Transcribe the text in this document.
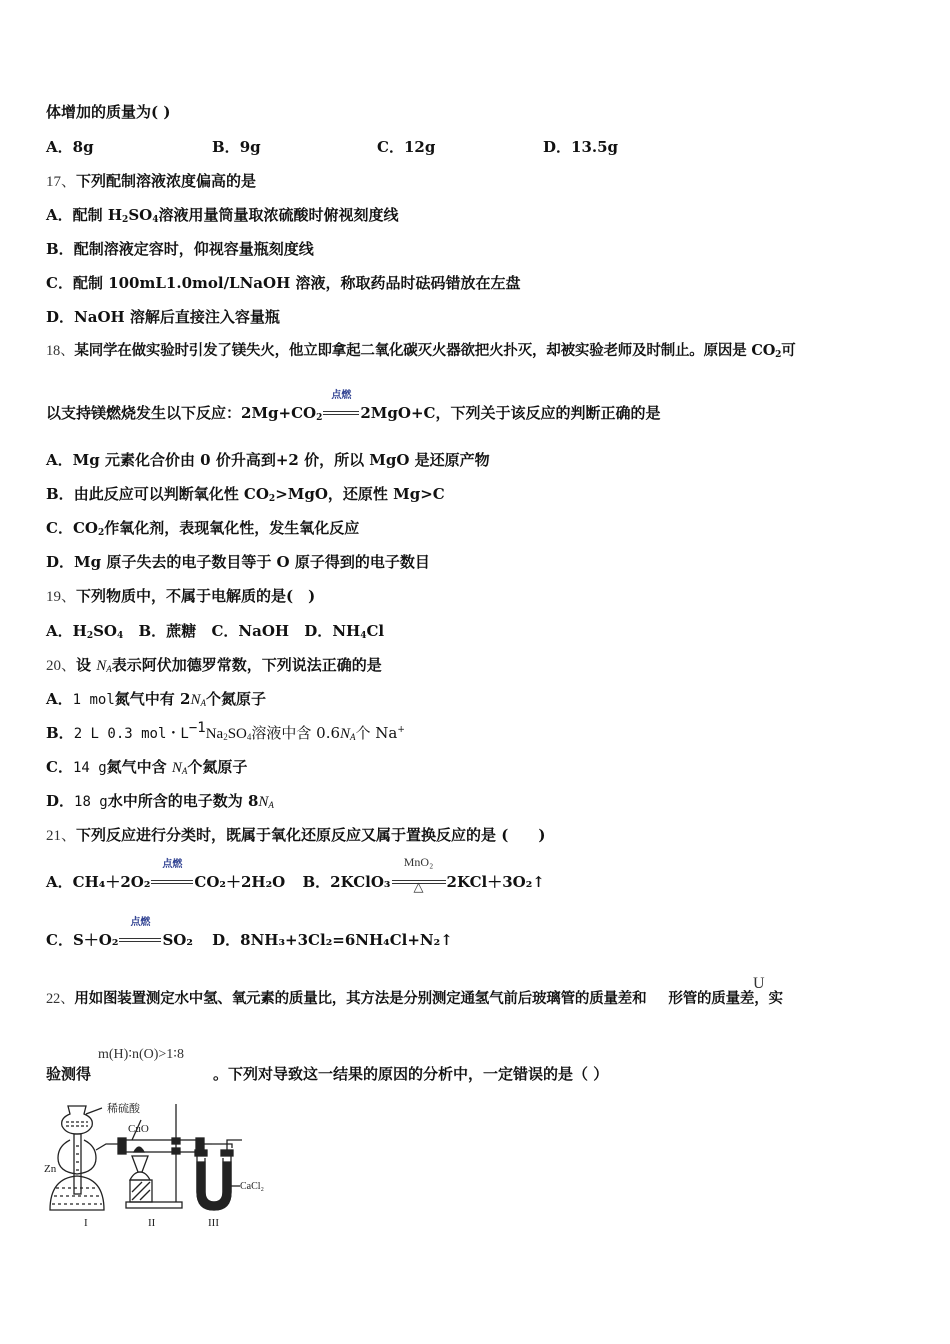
体增加的质量为( )
A．8g	B．9g	C．12g	D．13.5g
17、下列配制溶液浓度偏高的是
A．配制 $H_2SO_4$溶液用量筒量取浓硫酸时俯视刻度线
B．配制溶液定容时，仰视容量瓶刻度线
C．配制 100mL1.0mol/LNaOH 溶液，称取药品时砝码错放在左盘
D．NaOH 溶解后直接注入容量瓶
18、某同学在做实验时引发了镁失火，他立即拿起二氧化碳灭火器欲把火扑灭，却被实验老师及时制止。原因是 $CO_2$可
以支持镁燃烧发生以下反应：$2Mg+CO_2$
点燃
2MgO+C，下列关于该反应的判断正确的是
A．Mg 元素化合价由 0 价升高到+2 价，所以 MgO 是还原产物
B．由此反应可以判断氧化性 $CO_2>MgO$，还原性 Mg>C
C．$CO_2$作氧化剂，表现氧化性，发生氧化反应
D．Mg 原子失去的电子数目等于 O 原子得到的电子数目
19、下列物质中，不属于电解质的是(　)
A．$H_2SO_4$ B．蔗糖 C．NaOH D．$NH_4Cl$
20、设 $N_A$表示阿伏加德罗常数，下列说法正确的是
A．1 mol氮气中有 $2N_A$个氮原子
B．2 L 0.3 mol・$L^{-1}Na_2SO_4$溶液中含 $0.6N_A$个 Na+
C．14 g氮气中含 $N_A$个氮原子
D．18 g水中所含的电子数为 $8N_A$
21、下列反应进行分类时，既属于氧化还原反应又属于置换反应的是 (　　)
A．CH₄＋2O₂
点燃
CO₂＋2H₂O B．2KClO₃
MnO₂
△	2KCl＋3O₂↑
C．S＋O₂
点燃
SO₂ D．8NH₃+3Cl₂=6NH₄Cl+N₂↑
22、用如图装置测定水中氢、氧元素的质量比，其方法是分别测定通氢气前后玻璃管的质量差和 形管的质量差，实
U
验测得	。下列对导致这一结果的原因的分析中，一定错误的是（ ）
m(H)∶n(O)>1∶8
稀硫酸
CuO
Zn
CaCl₂
I	II	III
